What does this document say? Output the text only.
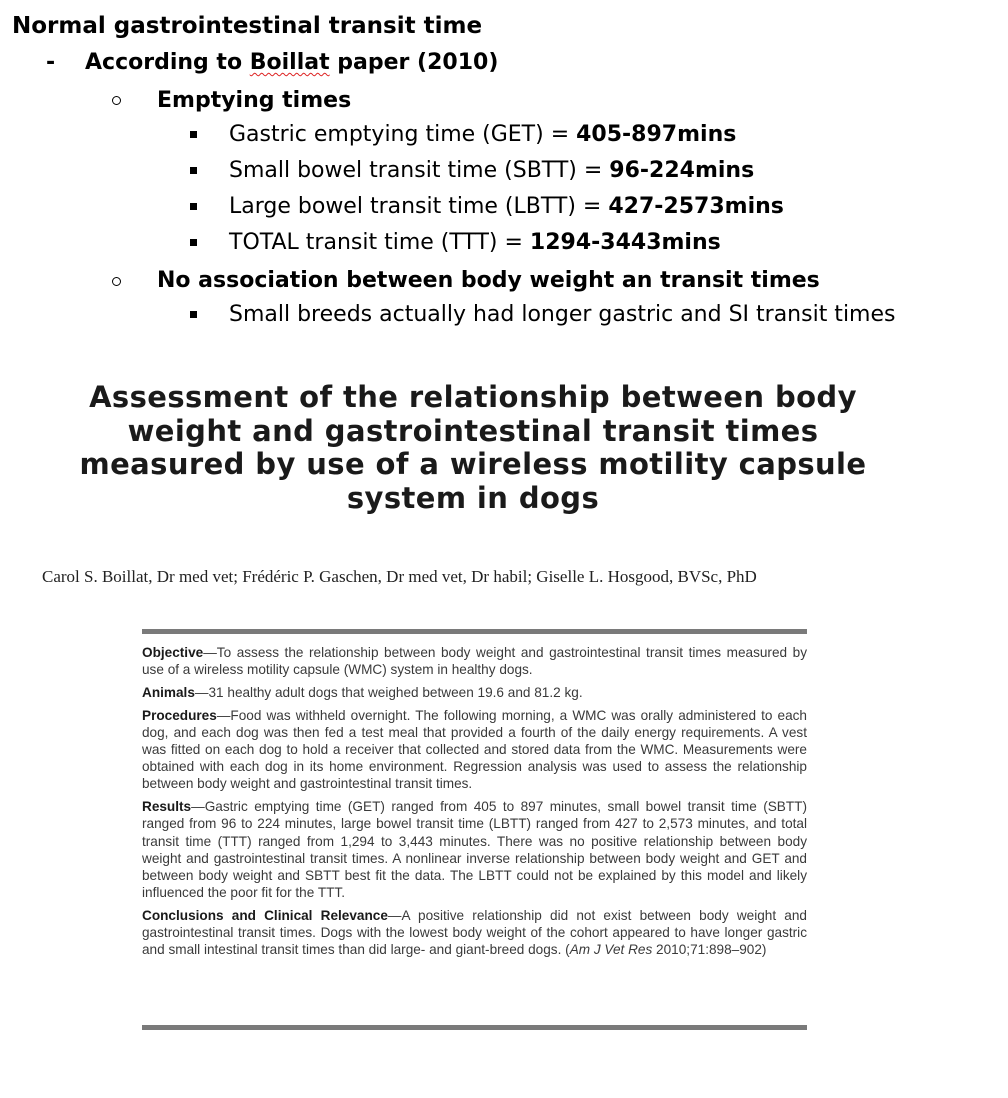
Normal gastrointestinal transit time
- According to Boillat paper (2010)
Emptying times
Gastric emptying time (GET) = 405-897mins
Small bowel transit time (SBTT) = 96-224mins
Large bowel transit time (LBTT) = 427-2573mins
TOTAL transit time (TTT) = 1294-3443mins
No association between body weight an transit times
Small breeds actually had longer gastric and SI transit times
Assessment of the relationship between body weight and gastrointestinal transit times measured by use of a wireless motility capsule system in dogs
Carol S. Boillat, Dr med vet; Frédéric P. Gaschen, Dr med vet, Dr habil; Giselle L. Hosgood, BVSc, PhD

Objective—To assess the relationship between body weight and gastrointestinal transit times measured by use of a wireless motility capsule (WMC) system in healthy dogs.

Animals—31 healthy adult dogs that weighed between 19.6 and 81.2 kg.

Procedures—Food was withheld overnight. The following morning, a WMC was orally administered to each dog, and each dog was then fed a test meal that provided a fourth of the daily energy requirements. A vest was fitted on each dog to hold a receiver that collected and stored data from the WMC. Measurements were obtained with each dog in its home environment. Regression analysis was used to assess the relationship between body weight and gastrointestinal transit times.

Results—Gastric emptying time (GET) ranged from 405 to 897 minutes, small bowel transit time (SBTT) ranged from 96 to 224 minutes, large bowel transit time (LBTT) ranged from 427 to 2,573 minutes, and total transit time (TTT) ranged from 1,294 to 3,443 minutes. There was no positive relationship between body weight and gastrointestinal transit times. A nonlinear inverse relationship between body weight and GET and between body weight and SBTT best fit the data. The LBTT could not be explained by this model and likely influenced the poor fit for the TTT.

Conclusions and Clinical Relevance—A positive relationship did not exist between body weight and gastrointestinal transit times. Dogs with the lowest body weight of the cohort appeared to have longer gastric and small intestinal transit times than did large- and giant-breed dogs. (Am J Vet Res 2010;71:898–902)
